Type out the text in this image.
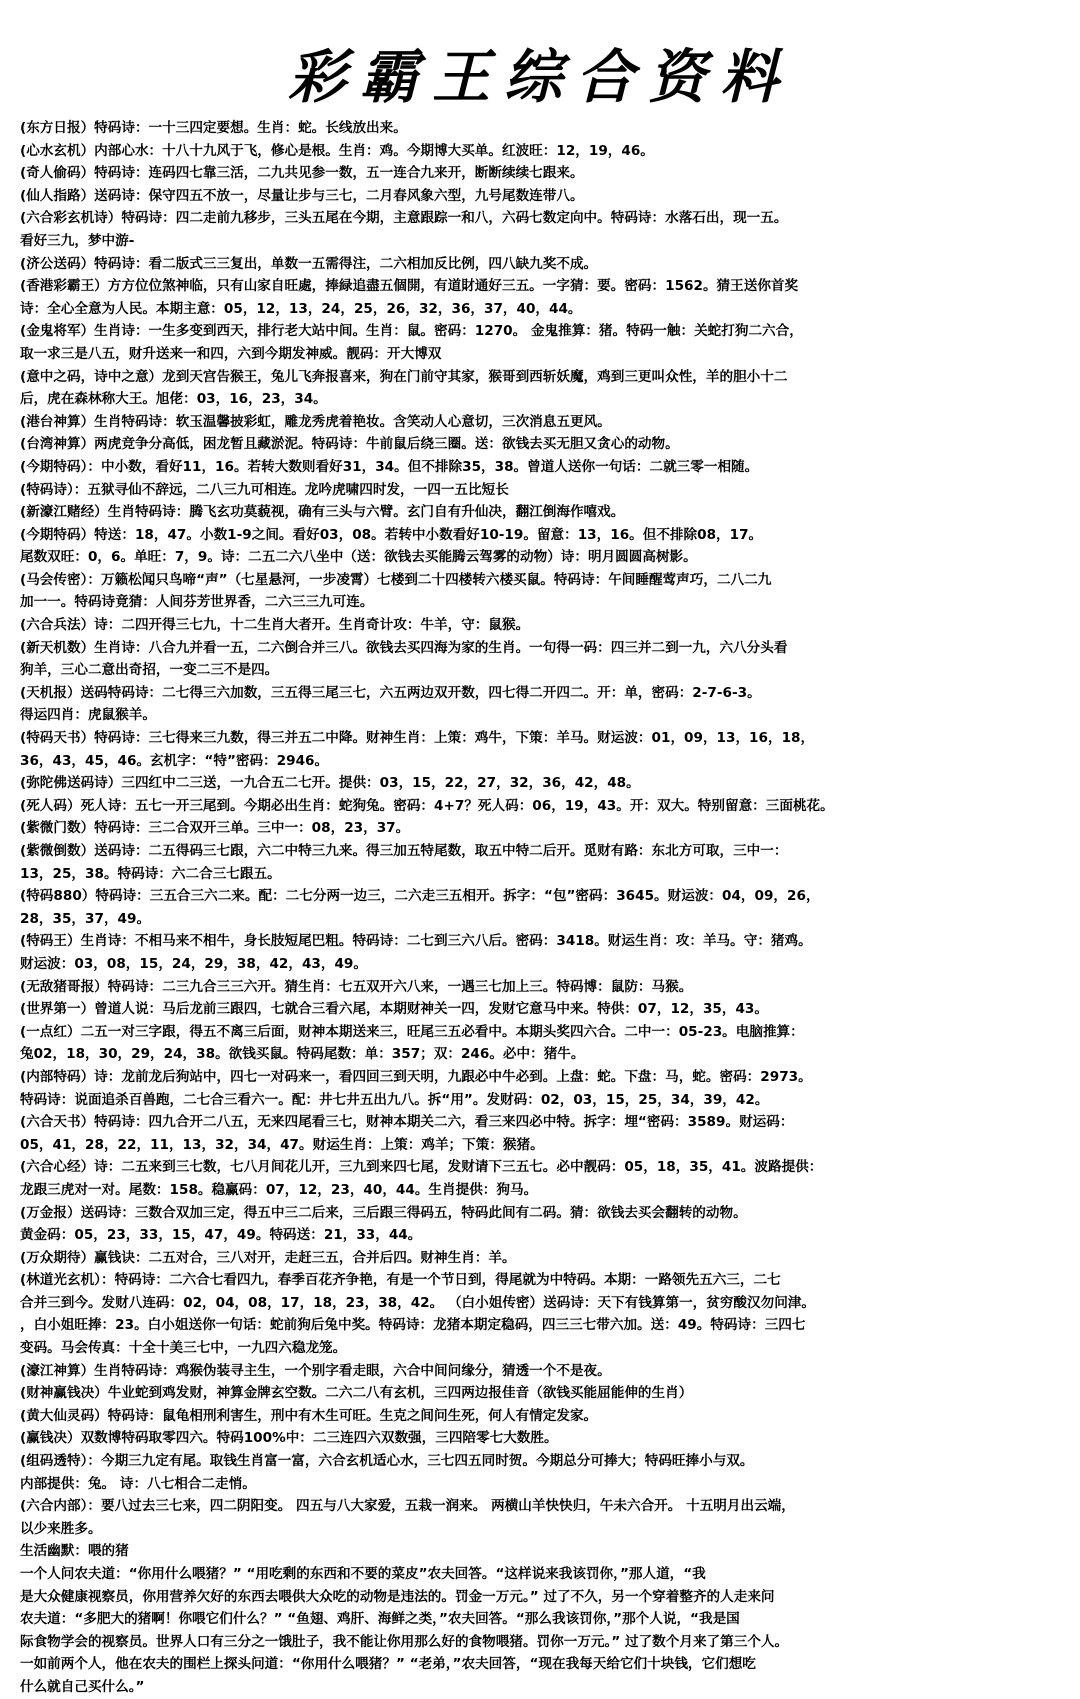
彩霸王综合资料
(东方日报）特码诗：一十三四定要想。生肖：蛇。长线放出来。
(心水玄机）内部心水：十八十九风于飞，修心是根。生肖：鸡。今期博大买单。红波旺：12，19，46。
(奇人偷码）特码诗：连码四七靠三活，二九共见参一数，五一连合九来开，断断续续七跟来。
(仙人指路）送码诗：保守四五不放一，尽量让步与三七，二月春风象六型，九号尾数连带八。
(六合彩玄机诗）特码诗：四二走前九移步，三头五尾在今期，主意跟踪一和八，六码七数定向中。特码诗：水落石出，现一五。
看好三九，梦中游-
(济公送码）特码诗：看二版式三三复出，单数一五需得注，二六相加反比例，四八缺九奖不成。
(香港彩霸王）方方位位煞神临，只有山家自旺處，捧緑追盡五個開，有道財通好三五。一字猜：要。密码：1562。猜王送你首奖
诗：全心全意为人民。本期主意：05，12，13，24，25，26，32，36，37，40，44。
(金鬼将军）生肖诗：一生多变到西天，排行老大站中间。生肖：鼠。密码：1270。 金鬼推算：猪。特码一触：关蛇打狗二六合，
取一求三是八五，财升送来一和四，六到今期发神威。靓码：开大博双
(意中之码，诗中之意）龙到天宫告猴王，兔儿飞奔报喜来，狗在门前守其家，猴哥到西斩妖魔，鸡到三更叫众性，羊的胆小十二
后，虎在森林称大王。旭佬：03，16，23，34。
(港台神算）生肖特码诗：软玉温馨披彩虹，雕龙秀虎着艳妆。含笑动人心意切，三次消息五更风。
(台湾神算）两虎竞争分高低，困龙暂且藏淤泥。特码诗：牛前鼠后绕三圈。送：欲钱去买无胆又贪心的动物。
(今期特码）：中小数，看好11，16。若转大数则看好31，34。但不排除35，38。曾道人送你一句话：二就三零一相随。
(特码诗）：五狱寻仙不辞远，二八三九可相连。龙吟虎啸四时发，一四一五比短长
(新濠江赌经）生肖特码诗：腾飞玄功莫藐视，确有三头与六臂。玄门自有升仙决，翻江倒海作嘻戏。
(今期特码）特送：18，47。小数1-9之间。看好03，08。若转中小数看好10-19。留意：13，16。但不排除08，17。
尾数双旺：0，6。单旺：7，9。诗：二五二六八坐中（送：欲钱去买能腾云驾雾的动物）诗：明月圆圆高树影。
(马会传密）：万籁松闻只鸟啼“声”（七星悬河，一步凌霄）七楼到二十四楼转六楼买鼠。特码诗：午间睡醒莺声巧，二八二九
加一一。特码诗竟猜：人间芬芳世界香，二六三三九可连。
(六合兵法）诗：二四开得三七九，十二生肖大者开。生肖奇计攻：牛羊，守：鼠猴。
(新天机数）生肖诗：八合九并看一五，二六倒合并三八。欲钱去买四海为家的生肖。一句得一码：四三并二到一九，六八分头看
狗羊，三心二意出奇招，一变二三不是四。
(天机报）送码特码诗：二七得三六加数，三五得三尾三七，六五两边双开数，四七得二开四二。开：单，密码：2-7-6-3。
得运四肖：虎鼠猴羊。
(特码天书）特码诗：三七得来三九数，得三并五二中降。财神生肖：上策：鸡牛，下策：羊马。财运波：01，09，13，16，18，
36，43，45，46。玄机字：“特”密码：2946。
(弥陀佛送码诗）三四红中二三送，一九合五二七开。提供：03，15，22，27，32，36，42，48。
(死人码）死人诗：五七一开三尾到。今期必出生肖：蛇狗兔。密码：4+7？死人码：06，19，43。开：双大。特别留意：三面桃花。
(紫微门数）特码诗：三二合双开三单。三中一：08，23，37。
(紫微倒数）送码诗：二五得码三七跟，六二中特三九来。得三加五特尾数，取五中特二后开。觅财有路：东北方可取，三中一：
13，25，38。特码诗：六二合三七跟五。
(特码880）特码诗：三五合三六二来。配：二七分两一边三，二六走三五相开。拆字：“包”密码：3645。财运波：04，09，26，
28，35，37，49。
(特码王）生肖诗：不相马来不相牛，身长肢短尾巴粗。特码诗：二七到三六八后。密码：3418。财运生肖：攻：羊马。守：猪鸡。
财运波：03，08，15，24，29，38，42，43，49。
(无敌猪哥报）特码诗：二三九合三三六开。猜生肖：七五双开六八来，一遇三七加上三。特码博：鼠防：马猴。
(世界第一）曾道人说：马后龙前三跟四，七就合三看六尾，本期财神关一四，发财它意马中来。特供：07，12，35，43。
(一点红）二五一对三字跟，得五不离三后面，财神本期送来三，旺尾三五必看中。本期头奖四六合。二中一：05-23。电脑推算：
兔02，18，30，29，24，38。欲钱买鼠。特码尾数：单：357；双：246。必中：猪牛。
(内部特码）诗：龙前龙后狗站中，四七一对码来一，看四回三到天明，九跟必中牛必到。上盘：蛇。下盘：马，蛇。密码：2973。
特码诗：说面追杀百兽跑，二七合三看六一。配：井七井五出九八。拆“用”。发财码：02，03，15，25，34，39，42。
(六合天书）特码诗：四九合开二八五，无来四尾看三七，财神本期关二六，看三来四必中特。拆字：埋“密码：3589。财运码：
05，41，28，22，11，13，32，34，47。财运生肖：上策：鸡羊；下策：猴猪。
(六合心经）诗：二五来到三七数，七八月间花儿开，三九到来四七尾，发财请下三五七。必中靓码：05，18，35，41。波路提供：
龙跟三虎对一对。尾数：158。稳赢码：07，12，23，40，44。生肖提供：狗马。
(万金报）送码诗：三数合双加三定，得五中三二后来，三后跟三得码五，特码此间有二码。猜：欲钱去买会翻转的动物。
黄金码：05，23，33，15，47，49。特码送：21，33，44。
(万众期待）赢钱诀：二五对合，三八对开，走赶三五，合并后四。财神生肖：羊。
(林道光玄机）：特码诗：二六合七看四九，春季百花齐争艳，有是一个节日到，得尾就为中特码。本期：一路领先五六三，二七
合并三到今。发财八连码：02，04，08，17，18，23，38，42。 （白小姐传密）送码诗：天下有钱算第一，贫穷酸汉勿问津。
，白小姐旺捧：23。白小姐送你一句话：蛇前狗后兔中奖。特码诗：龙猪本期定稳码，四三三七带六加。送：49。特码诗：三四七
变码。马会传真：十全十美三七中，一九四六稳龙笼。
(濠江神算）生肖特码诗：鸡猴伪装寻主生，一个别字看走眼，六合中间问缘分，猜透一个不是夜。
(财神赢钱决）牛业蛇到鸡发财，神算金牌玄空数。二六二八有玄机，三四两边报佳音（欲钱买能屈能伸的生肖）
(黄大仙灵码）特码诗：鼠龟相刑利害生，刑中有木生可旺。生克之间问生死，何人有情定发家。
(赢钱决）双数博特码取零四六。特码100%中：二三连四六双数强，三四陪零七大数胜。
(组码透特）：今期三九定有尾。取钱生肖富一富，六合玄机适心水，三七四五同时贺。今期总分可捧大；特码旺捧小与双。
内部提供：兔。 诗：八七相合二走悄。
(六合内部）：要八过去三七来，四二阴阳变。 四五与八大家爱，五栽一润来。 两横山羊快快归，午未六合开。 十五明月出云端，
以少来胜多。
生活幽默：喂的猪
一个人问农夫道：“你用什么喂猪？” “用吃剩的东西和不要的菜皮”农夫回答。“这样说来我该罚你，”那人道，“我
是大众健康视察员，你用营养欠好的东西去喂供大众吃的动物是违法的。罚金一万元。” 过了不久，另一个穿着整齐的人走来问
农夫道：“多肥大的猪啊！你喂它们什么？” “鱼翅、鸡肝、海鲜之类，”农夫回答。“那么我该罚你，”那个人说，“我是国
际食物学会的视察员。世界人口有三分之一饿肚子，我不能让你用那么好的食物喂猪。罚你一万元。” 过了数个月来了第三个人。
一如前两个人，他在农夫的围栏上探头问道：“你用什么喂猪？” “老弟，”农夫回答，“现在我每天给它们十块钱，它们想吃
什么就自己买什么。”
